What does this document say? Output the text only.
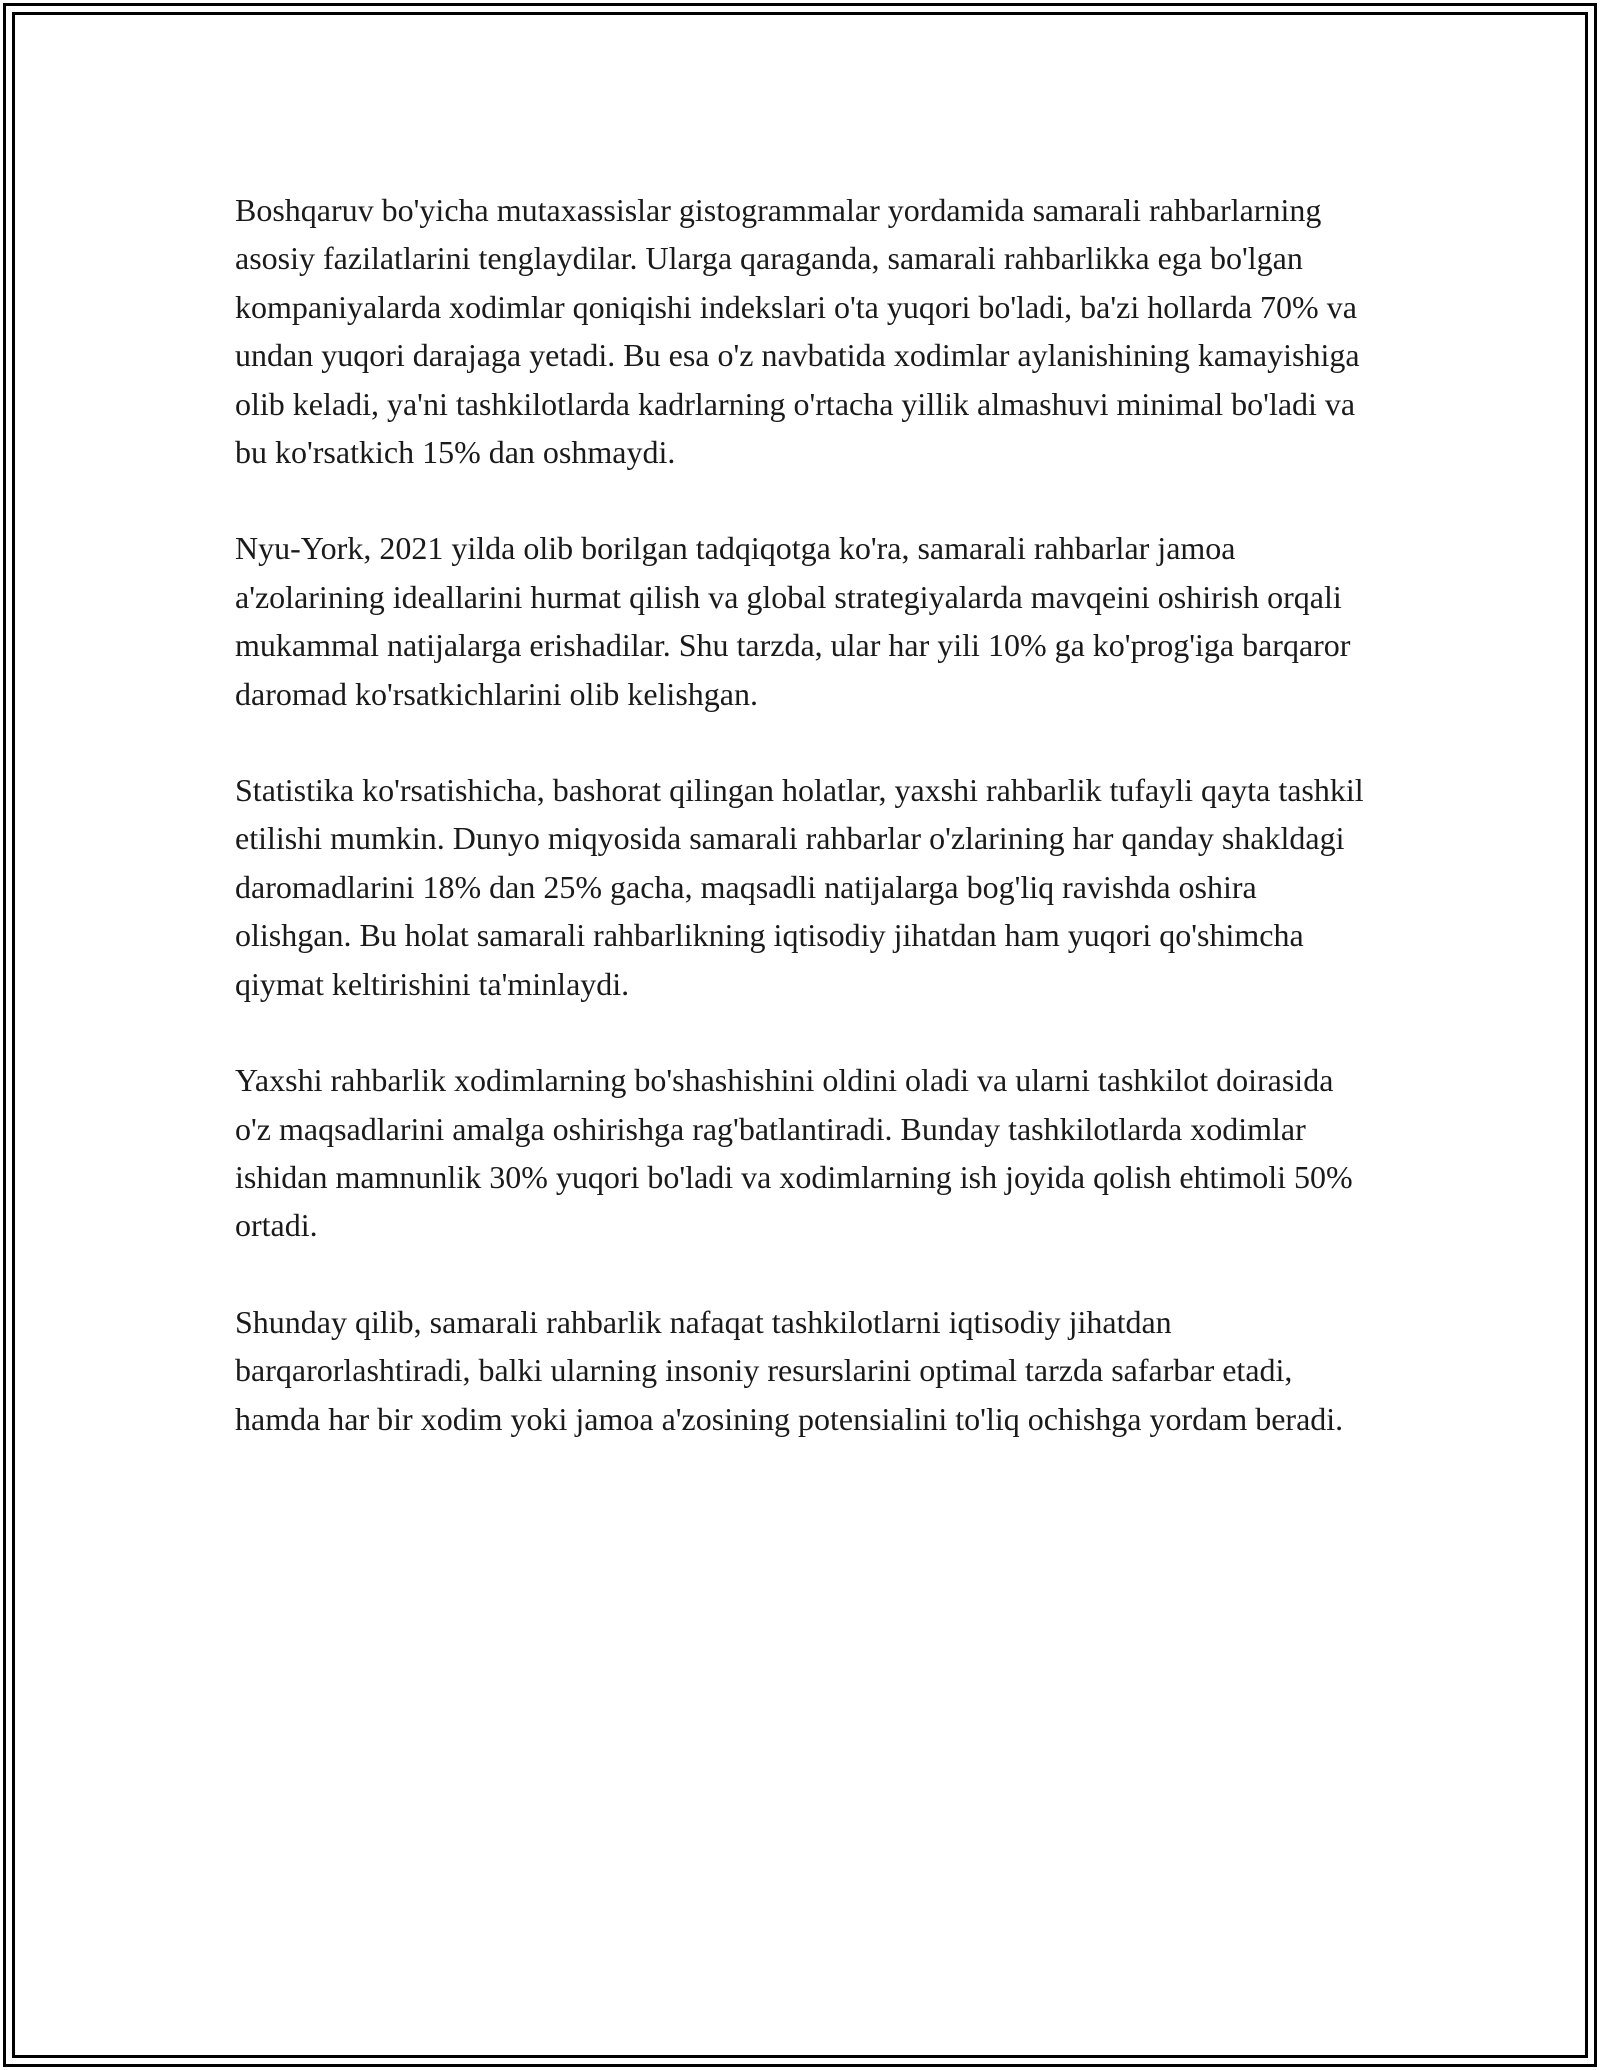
Boshqaruv bo'yicha mutaxassislar gistogrammalar yordamida samarali rahbarlarning asosiy fazilatlarini tenglaydilar. Ularga qaraganda, samarali rahbarlikka ega bo'lgan kompaniyalarda xodimlar qoniqishi indekslari o'ta yuqori bo'ladi, ba'zi hollarda 70% va undan yuqori darajaga yetadi. Bu esa o'z navbatida xodimlar aylanishining kamayishiga olib keladi, ya'ni tashkilotlarda kadrlarning o'rtacha yillik almashuvi minimal bo'ladi va bu ko'rsatkich 15% dan oshmaydi.

Nyu-York, 2021 yilda olib borilgan tadqiqotga ko'ra, samarali rahbarlar jamoa a'zolarining ideallarini hurmat qilish va global strategiyalarda mavqeini oshirish orqali mukammal natijalarga erishadilar. Shu tarzda, ular har yili 10% ga ko'prog'iga barqaror daromad ko'rsatkichlarini olib kelishgan.

Statistika ko'rsatishicha, bashorat qilingan holatlar, yaxshi rahbarlik tufayli qayta tashkil etilishi mumkin. Dunyo miqyosida samarali rahbarlar o'zlarining har qanday shakldagi daromadlarini 18% dan 25% gacha, maqsadli natijalarga bog'liq ravishda oshira olishgan. Bu holat samarali rahbarlikning iqtisodiy jihatdan ham yuqori qo'shimcha qiymat keltirishini ta'minlaydi.

Yaxshi rahbarlik xodimlarning bo'shashishini oldini oladi va ularni tashkilot doirasida o'z maqsadlarini amalga oshirishga rag'batlantiradi. Bunday tashkilotlarda xodimlar ishidan mamnunlik 30% yuqori bo'ladi va xodimlarning ish joyida qolish ehtimoli 50% ortadi.

Shunday qilib, samarali rahbarlik nafaqat tashkilotlarni iqtisodiy jihatdan barqarorlashtiradi, balki ularning insoniy resurslarini optimal tarzda safarbar etadi, hamda har bir xodim yoki jamoa a'zosining potensialini to'liq ochishga yordam beradi.
